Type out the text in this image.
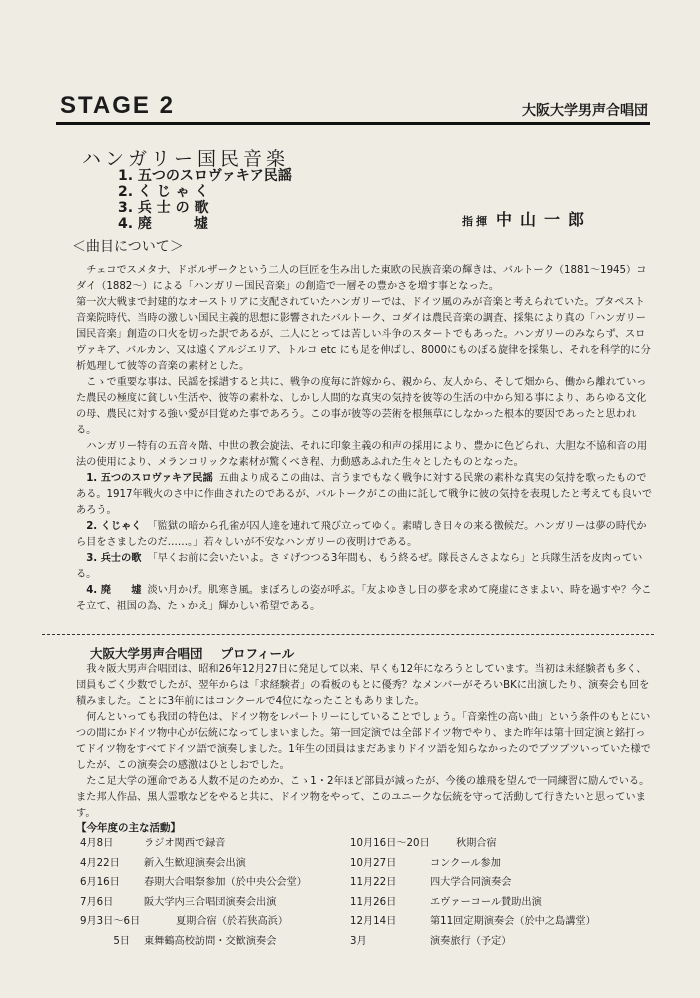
STAGE 2	大阪大学男声合唱団
ハンガリー国民音楽
1. 五つのスロヴァキア民謡
2. く じ ゃ く
3. 兵 士 の 歌
4. 廃　　　墟	指揮 中山一郎
＜曲目について＞

チェコでスメタナ、ドボルザークという二人の巨匠を生み出した東欧の民族音楽の輝きは、バルトーク（1881〜1945）コダイ（1882〜）による「ハンガリー国民音楽」の創造で一層その豊かさを増す事となった。

第一次大戦まで封建的なオーストリアに支配されていたハンガリーでは、ドイツ風のみが音楽と考えられていた。ブタペスト音楽院時代、当時の激しい国民主義的思想に影響されたバルトーク、コダイは農民音楽の調査、採集により真の「ハンガリー国民音楽」創造の口火を切った訳であるが、二人にとっては苦しい斗争のスタートでもあった。ハンガリーのみならず、スロヴァキア、バルカン、又は遠くアルジエリア、トルコ etc にも足を伸ばし、8000にものぼる旋律を採集し、それを科学的に分析処理して彼等の音楽の素材とした。

こゝで重要な事は、民謡を採譜すると共に、戦争の度毎に許嫁から、親から、友人から、そして畑から、働から離れていった農民の極度に貧しい生活や、彼等の素朴な、しかし人間的な真実の気持を彼等の生活の中から知る事により、あらゆる文化の母、農民に対する強い愛が目覚めた事であろう。この事が彼等の芸術を根無草にしなかった根本的要因であったと思われる。

ハンガリー特有の五音々階、中世の教会旋法、それに印象主義の和声の採用により、豊かに色どられ、大胆な不協和音の用法の使用により、メランコリックな素材が驚くべき程、力動感あふれた生々としたものとなった。

1. 五つのスロヴァキア民謡 五曲より成るこの曲は、言うまでもなく戦争に対する民衆の素朴な真実の気持を歌ったものである。1917年戦火のさ中に作曲されたのであるが、バルトークがこの曲に託して戦争に彼の気持を表現したと考えても良いであろう。

2. くじゃく 「監獄の暗から孔雀が囚人達を連れて飛び立ってゆく。素晴しき日々の来る徴候だ。ハンガリーは夢の時代から目をさましたのだ……。」若々しいが不安なハンガリーの夜明けである。

3. 兵士の歌 「早くお前に会いたいよ。さゞげつつる3年間も、もう終るぜ。隊長さんさよなら」と兵隊生活を皮肉っている。

4. 廃　　墟 淡い月かげ。肌寒き風。まぼろしの姿が呼ぶ。「友よゆきし日の夢を求めて廃虚にさまよい、時を過すや？今こそ立て、祖国の為、たゝかえ」輝かしい希望である。

大阪大学男声合唱団 プロフィール

我々阪大男声合唱団は、昭和26年12月27日に発足して以来、早くも12年になろうとしています。当初は未経験者も多く、団員もごく少数でしたが、翌年からは「求経験者」の看板のもとに優秀？なメンバーがそろいBKに出演したり、演奏会も回を積みました。ことに3年前にはコンクールで4位になったこともありました。

何んといっても我団の特色は、ドイツ物をレパートリーにしていることでしょう。「音楽性の高い曲」という条件のもとにいつの間にかドイツ物中心が伝統になってしまいました。第一回定演では全部ドイツ物でやり、また昨年は第十回定演と銘打ってドイツ物をすべてドイツ語で演奏しました。1年生の団員はまだあまりドイツ語を知らなかったのでブツブツいっていた様でしたが、この演奏会の感激はひとしおでした。

たこ足大学の運命である人数不足のためか、こゝ1・2年ほど部員が減ったが、今後の雄飛を望んで一同練習に励んでいる。また邦人作品、黒人霊歌などをやると共に、ドイツ物をやって、このユニークな伝統を守って活動して行きたいと思っています。

【今年度の主な活動】
4月8日	ラジオ関西で録音
4月22日	新入生歓迎演奏会出演
6月16日	春期大合唱祭参加（於中央公会堂）
7月6日	阪大学内三合唱団演奏会出演
9月3日〜6日	夏期合宿（於若狭高浜）
5日	東舞鶴高校訪問・交歓演奏会
10月16日〜20日	秋期合宿
10月27日	コンクール参加
11月22日	四大学合同演奏会
11月26日	エヴァーコール賛助出演
12月14日	第11回定期演奏会（於中之島講堂）
3月	演奏旅行（予定）
